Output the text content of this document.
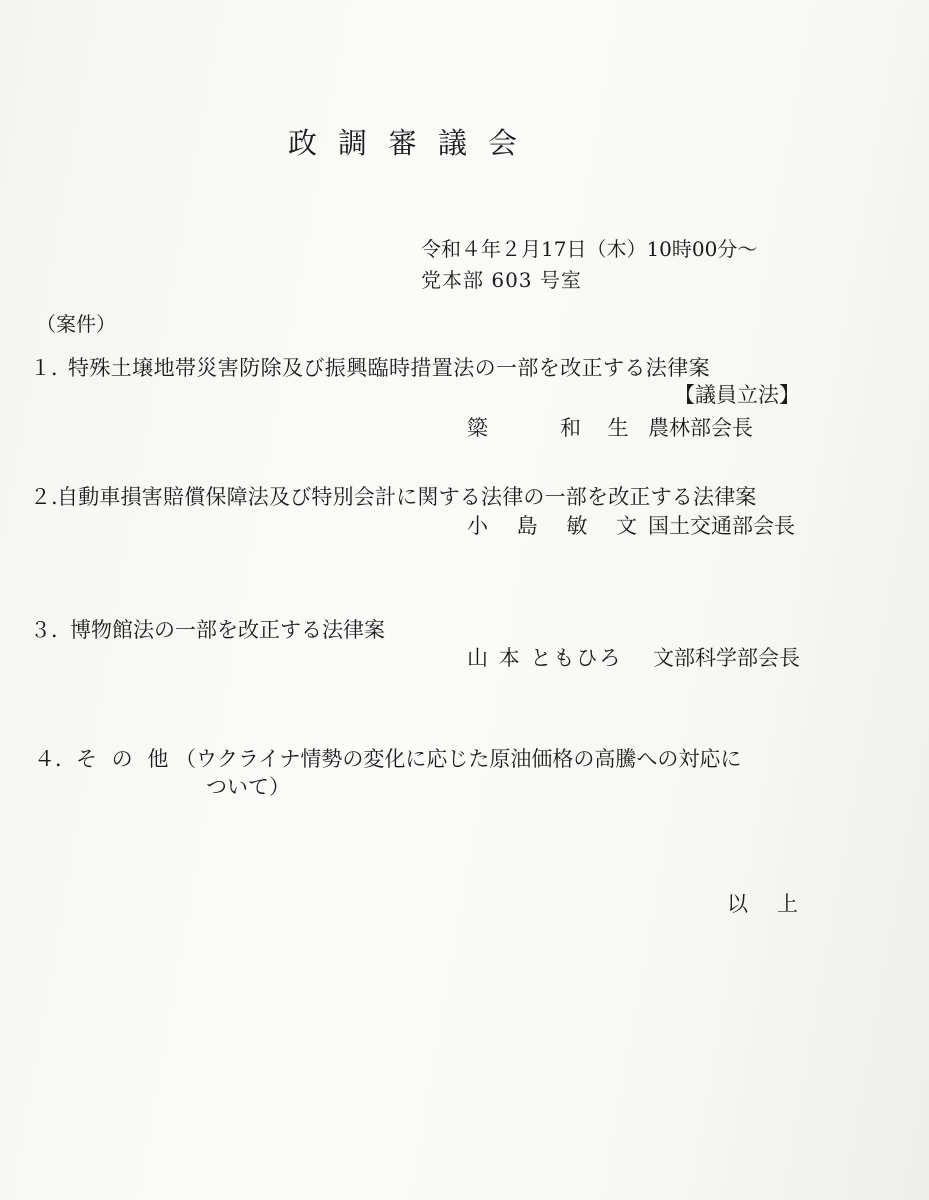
政調審議会
令和４年２月17日（木）10時00分〜
党本部 603 号室
（案件）
１．
特殊土壌地帯災害防除及び振興臨時措置法の一部を改正する法律案
【議員立法】
簗　　和 生 農林部会長
２. 自動車損害賠償保障法及び特別会計に関する法律の一部を改正する法律案
小 島 敏 文 国土交通部会長
３．
博物館法の一部を改正する法律案
山 本 ともひろ 文部科学部会長
４． そ の 他 （ウクライナ情勢の変化に応じた原油価格の高騰への対応に
ついて）
以　上
